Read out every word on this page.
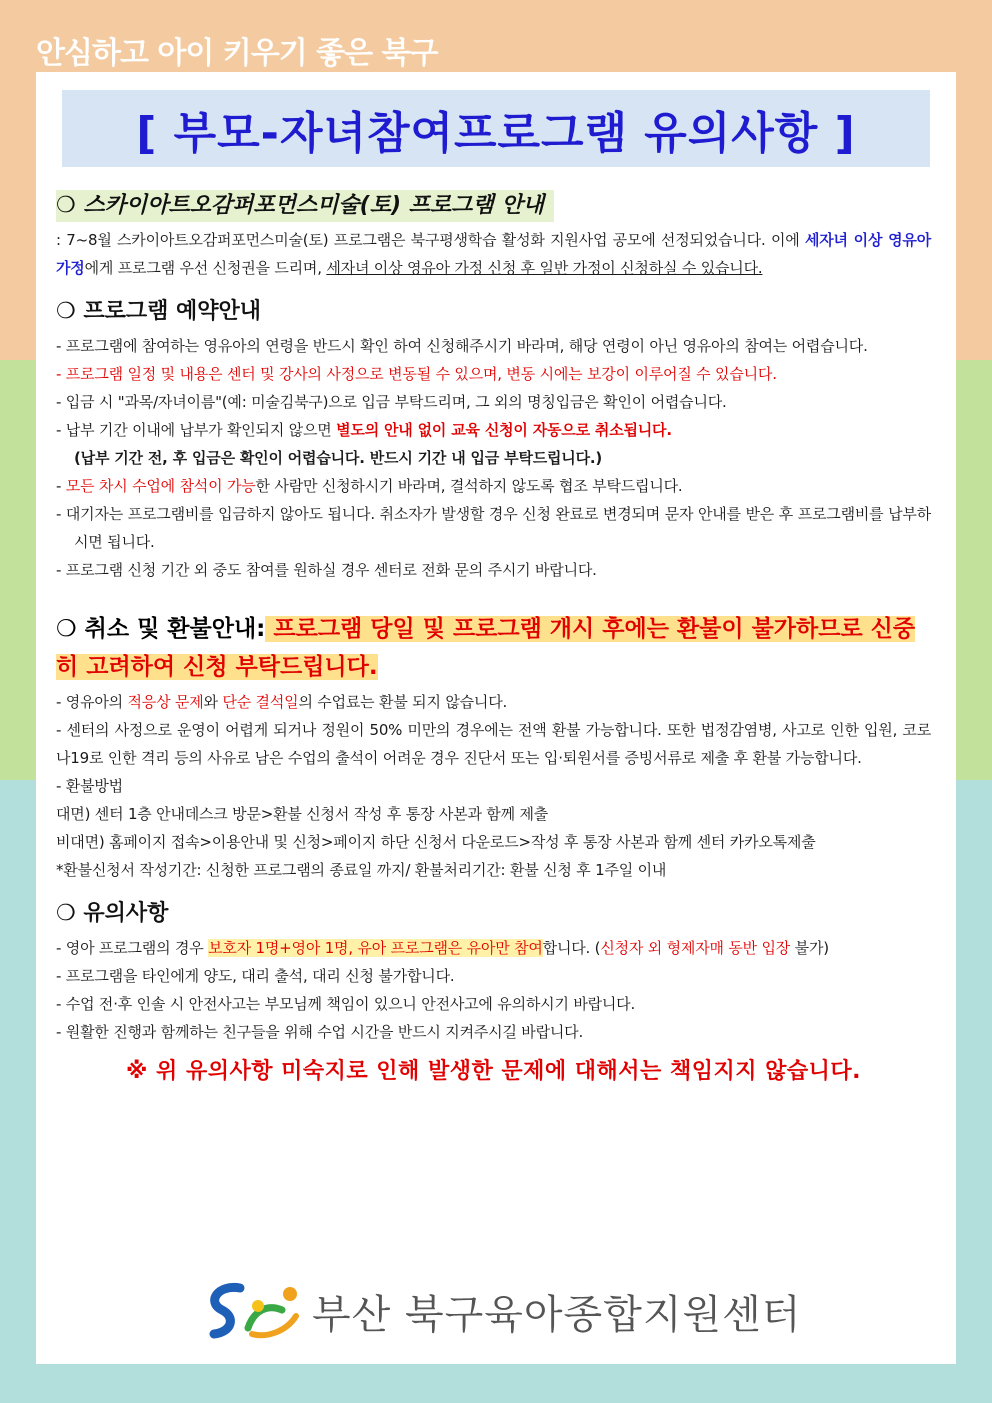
안심하고 아이 키우기 좋은 북구

[ 부모-자녀참여프로그램 유의사항 ]

❍ 스카이아트오감퍼포먼스미술(토) 프로그램 안내

: 7~8월 스카이아트오감퍼포먼스미술(토) 프로그램은 북구평생학습 활성화 지원사업 공모에 선정되었습니다. 이에 세자녀 이상 영유아 가정에게 프로그램 우선 신청권을 드리며, 세자녀 이상 영유아 가정 신청 후 일반 가정이 신청하실 수 있습니다.

❍ 프로그램 예약안내

- 프로그램에 참여하는 영유아의 연령을 반드시 확인 하여 신청해주시기 바라며, 해당 연령이 아닌 영유아의 참여는 어렵습니다.

- 프로그램 일정 및 내용은 센터 및 강사의 사정으로 변동될 수 있으며, 변동 시에는 보강이 이루어질 수 있습니다.

- 입금 시 "과목/자녀이름"(예: 미술김북구)으로 입금 부탁드리며, 그 외의 명칭입금은 확인이 어렵습니다.

- 납부 기간 이내에 납부가 확인되지 않으면 별도의 안내 없이 교육 신청이 자동으로 취소됩니다.

(납부 기간 전, 후 입금은 확인이 어렵습니다. 반드시 기간 내 입금 부탁드립니다.)

- 모든 차시 수업에 참석이 가능한 사람만 신청하시기 바라며, 결석하지 않도록 협조 부탁드립니다.

- 대기자는 프로그램비를 입금하지 않아도 됩니다. 취소자가 발생할 경우 신청 완료로 변경되며 문자 안내를 받은 후 프로그램비를 납부하시면 됩니다.

- 프로그램 신청 기간 외 중도 참여를 원하실 경우 센터로 전화 문의 주시기 바랍니다.

❍ 취소 및 환불안내: 프로그램 당일 및 프로그램 개시 후에는 환불이 불가하므로 신중히 고려하여 신청 부탁드립니다.

- 영유아의 적응상 문제와 단순 결석일의 수업료는 환불 되지 않습니다.

- 센터의 사정으로 운영이 어렵게 되거나 정원이 50% 미만의 경우에는 전액 환불 가능합니다. 또한 법정감염병, 사고로 인한 입원, 코로나19로 인한 격리 등의 사유로 남은 수업의 출석이 어려운 경우 진단서 또는 입·퇴원서를 증빙서류로 제출 후 환불 가능합니다.

- 환불방법

대면) 센터 1층 안내데스크 방문>환불 신청서 작성 후 통장 사본과 함께 제출

비대면) 홈페이지 접속>이용안내 및 신청>페이지 하단 신청서 다운로드>작성 후 통장 사본과 함께 센터 카카오톡제출

*환불신청서 작성기간: 신청한 프로그램의 종료일 까지/ 환불처리기간: 환불 신청 후 1주일 이내

❍ 유의사항

- 영아 프로그램의 경우 보호자 1명+영아 1명, 유아 프로그램은 유아만 참여합니다. (신청자 외 형제자매 동반 입장 불가)

- 프로그램을 타인에게 양도, 대리 출석, 대리 신청 불가합니다.

- 수업 전·후 인솔 시 안전사고는 부모님께 책임이 있으니 안전사고에 유의하시기 바랍니다.

- 원활한 진행과 함께하는 친구들을 위해 수업 시간을 반드시 지켜주시길 바랍니다.

※ 위 유의사항 미숙지로 인해 발생한 문제에 대해서는 책임지지 않습니다.

부산 북구육아종합지원센터
